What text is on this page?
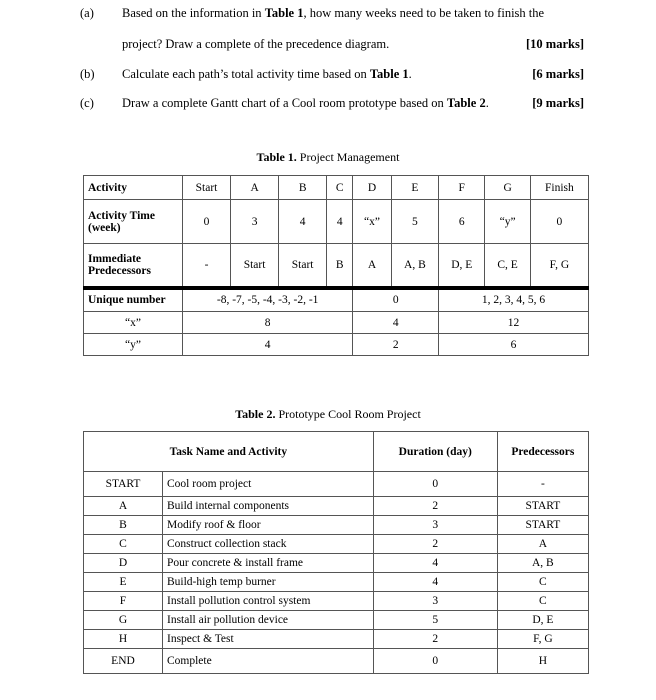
(a) Based on the information in Table 1, how many weeks need to be taken to finish the
project? Draw a complete of the precedence diagram.	[10 marks]
(b) Calculate each path’s total activity time based on Table 1.	[6 marks]
(c) Draw a complete Gantt chart of a Cool room prototype based on Table 2.	[9 marks]
Table 1. Project Management
Activity	Start	A	B	C	D	E	F	G	Finish
Activity Time (week)	0	3	4	4	“x”	5	6	“y”	0
Immediate Predecessors	-	Start	Start	B	A	A, B	D, E	C, E	F, G
Unique number	-8, -7, -5, -4, -3, -2, -1				0		1, 2, 3, 4, 5, 6		
“x”	8				4		12		
“y”	4				2		6		
Table 2. Prototype Cool Room Project
Task Name and Activity		Duration (day)	Predecessors
START	Cool room project	0	-
A	Build internal components	2	START
B	Modify roof & floor	3	START
C	Construct collection stack	2	A
D	Pour concrete & install frame	4	A, B
E	Build-high temp burner	4	C
F	Install pollution control system	3	C
G	Install air pollution device	5	D, E
H	Inspect & Test	2	F, G
END	Complete	0	H
